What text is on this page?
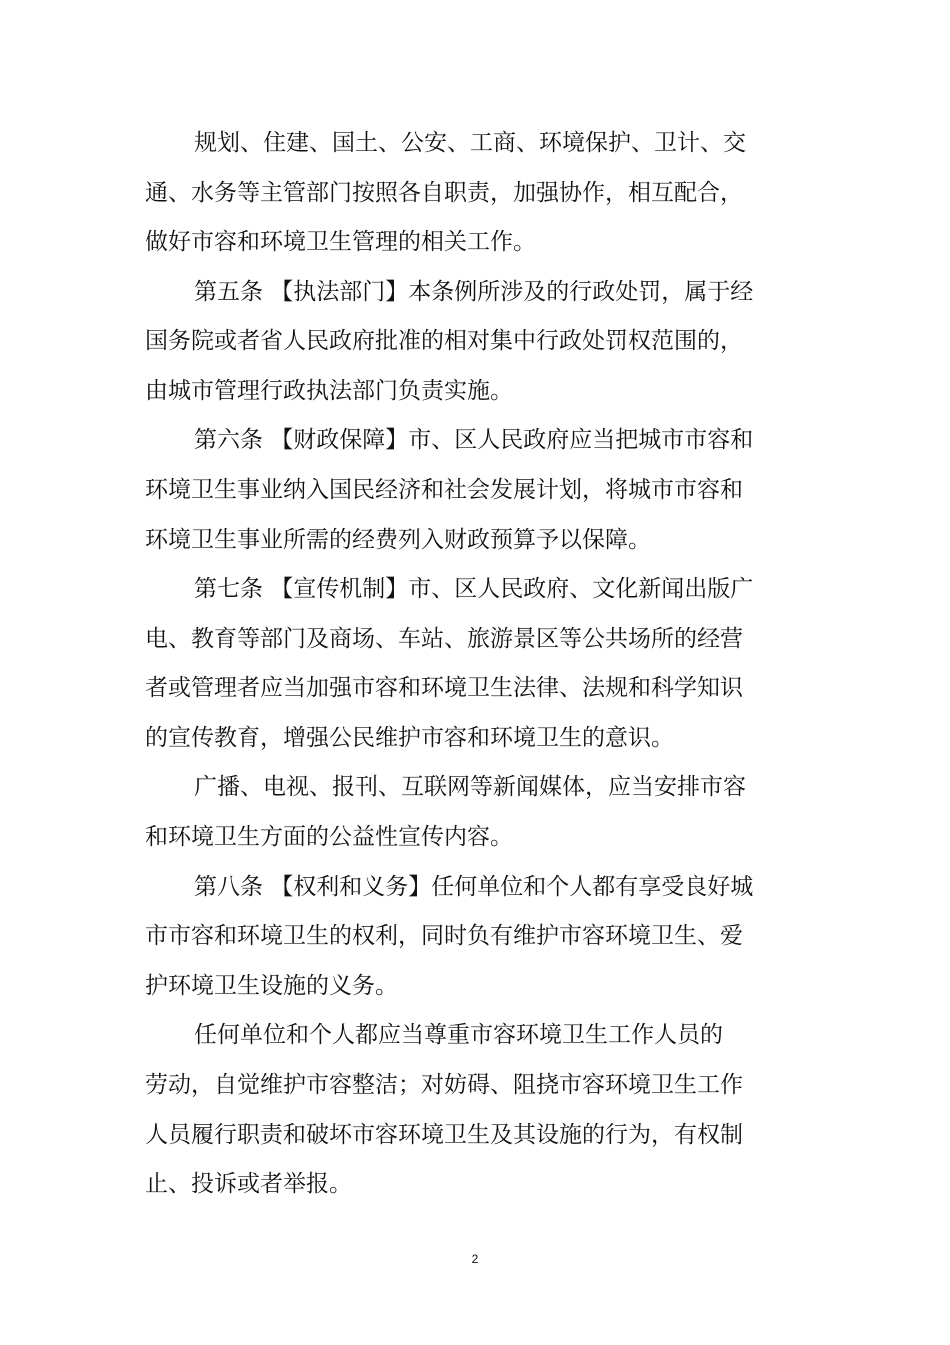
规划、住建、国土、公安、工商、环境保护、卫计、交
通、水务等主管部门按照各自职责，加强协作，相互配合，
做好市容和环境卫生管理的相关工作。
第五条 【执法部门】本条例所涉及的行政处罚，属于经
国务院或者省人民政府批准的相对集中行政处罚权范围的，
由城市管理行政执法部门负责实施。
第六条 【财政保障】市、区人民政府应当把城市市容和
环境卫生事业纳入国民经济和社会发展计划，将城市市容和
环境卫生事业所需的经费列入财政预算予以保障。
第七条 【宣传机制】市、区人民政府、文化新闻出版广
电、教育等部门及商场、车站、旅游景区等公共场所的经营
者或管理者应当加强市容和环境卫生法律、法规和科学知识
的宣传教育，增强公民维护市容和环境卫生的意识。
广播、电视、报刊、互联网等新闻媒体，应当安排市容
和环境卫生方面的公益性宣传内容。
第八条 【权利和义务】任何单位和个人都有享受良好城
市市容和环境卫生的权利，同时负有维护市容环境卫生、爱
护环境卫生设施的义务。
任何单位和个人都应当尊重市容环境卫生工作人员的
劳动，自觉维护市容整洁；对妨碍、阻挠市容环境卫生工作
人员履行职责和破坏市容环境卫生及其设施的行为，有权制
止、投诉或者举报。
2
